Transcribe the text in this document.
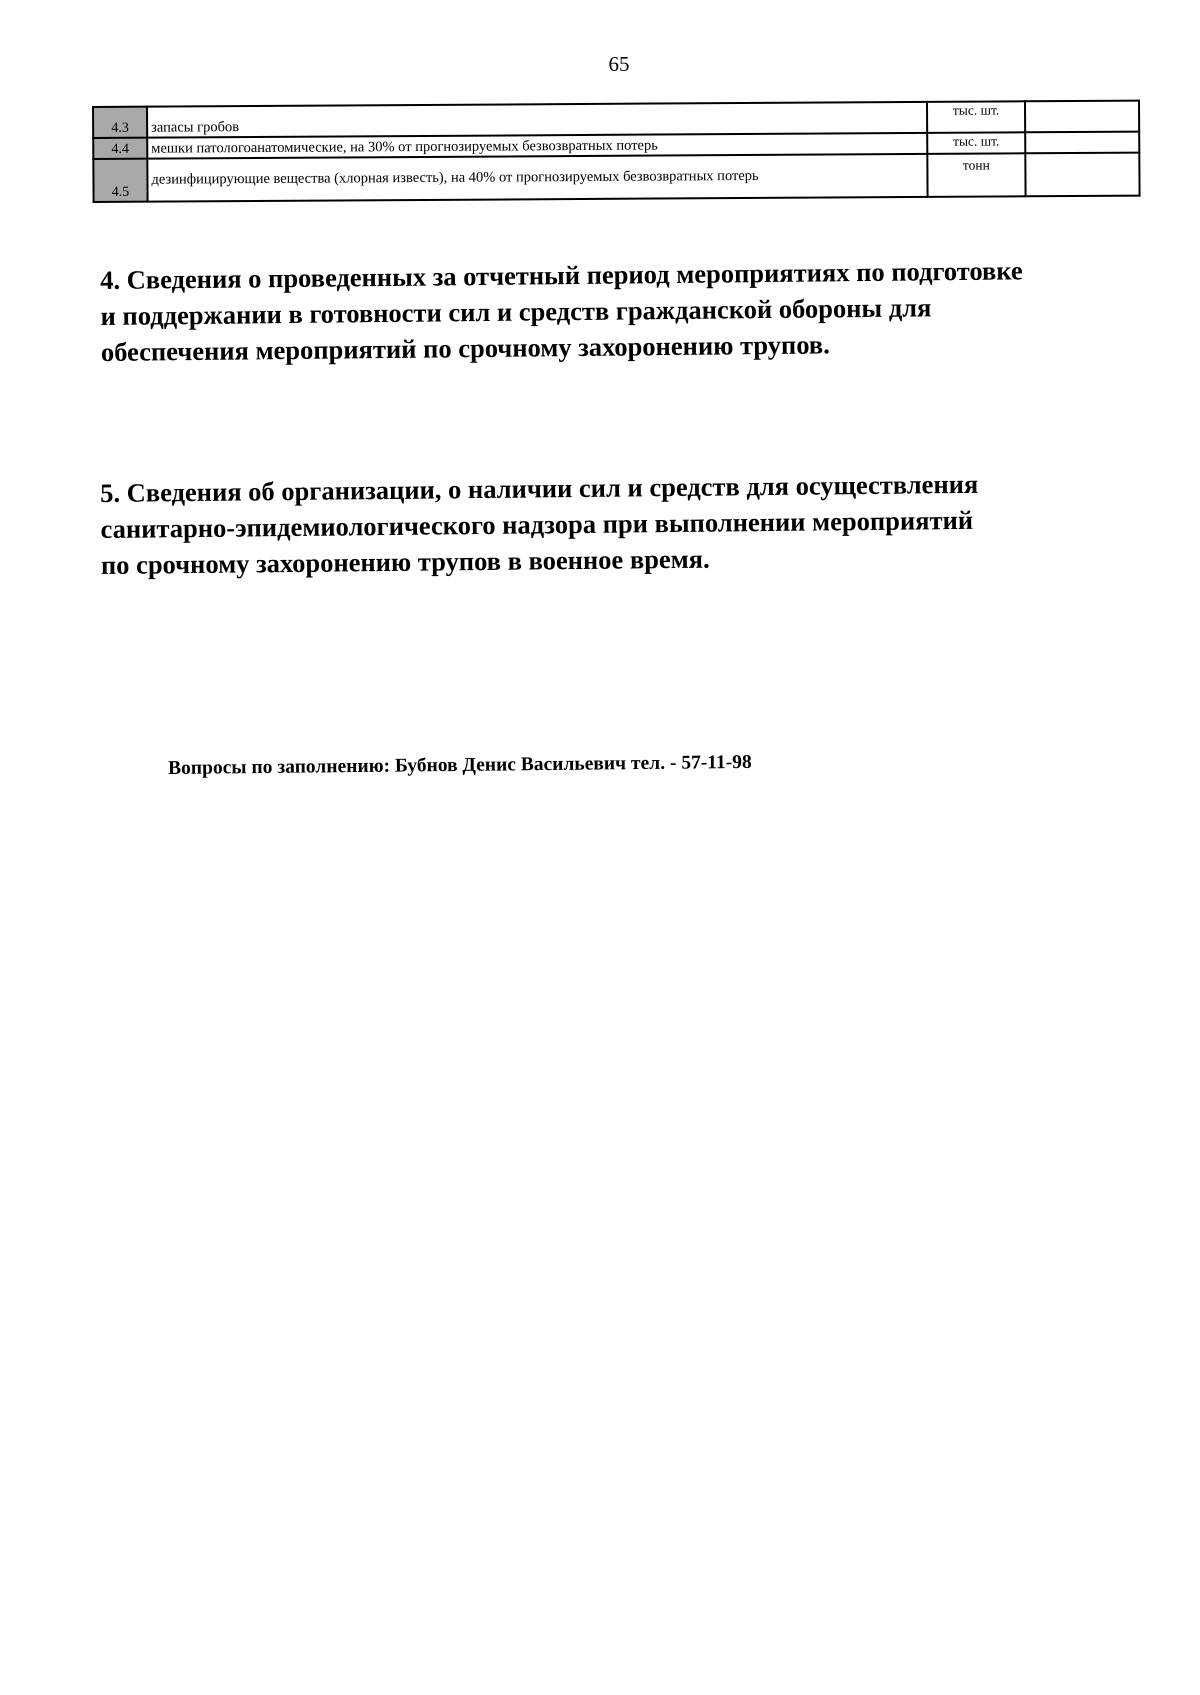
65
4.3	запасы гробов	тыс. шт.	
4.4	мешки патологоанатомические, на 30% от прогнозируемых безвозвратных потерь	тыс. шт.	
4.5	дезинфицирующие вещества (хлорная известь), на 40% от прогнозируемых безвозвратных потерь	тонн	
4. Сведения о проведенных за отчетный период мероприятиях по подготовке
и поддержании в готовности сил и средств гражданской обороны для
обеспечения мероприятий по срочному захоронению трупов.
5. Сведения об организации, о наличии сил и средств для осуществления
санитарно-эпидемиологического надзора при выполнении мероприятий
по срочному захоронению трупов в военное время.
Вопросы по заполнению: Бубнов Денис Васильевич тел. - 57-11-98
